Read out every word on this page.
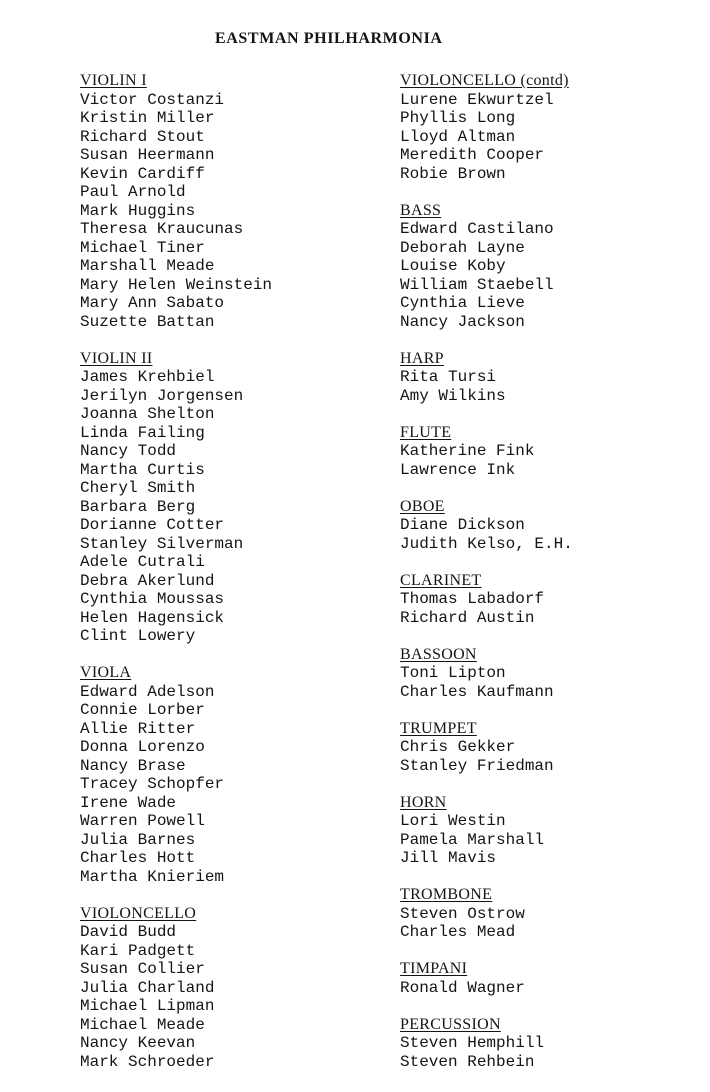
EASTMAN PHILHARMONIA
VIOLIN I
Victor Costanzi
Kristin Miller
Richard Stout
Susan Heermann
Kevin Cardiff
Paul Arnold
Mark Huggins
Theresa Kraucunas
Michael Tiner
Marshall Meade
Mary Helen Weinstein
Mary Ann Sabato
Suzette Battan
VIOLIN II
James Krehbiel
Jerilyn Jorgensen
Joanna Shelton
Linda Failing
Nancy Todd
Martha Curtis
Cheryl Smith
Barbara Berg
Dorianne Cotter
Stanley Silverman
Adele Cutrali
Debra Akerlund
Cynthia Moussas
Helen Hagensick
Clint Lowery
VIOLA
Edward Adelson
Connie Lorber
Allie Ritter
Donna Lorenzo
Nancy Brase
Tracey Schopfer
Irene Wade
Warren Powell
Julia Barnes
Charles Hott
Martha Knieriem
VIOLONCELLO
David Budd
Kari Padgett
Susan Collier
Julia Charland
Michael Lipman
Michael Meade
Nancy Keevan
Mark Schroeder
VIOLONCELLO (contd)
Lurene Ekwurtzel
Phyllis Long
Lloyd Altman
Meredith Cooper
Robie Brown
BASS
Edward Castilano
Deborah Layne
Louise Koby
William Staebell
Cynthia Lieve
Nancy Jackson
HARP
Rita Tursi
Amy Wilkins
FLUTE
Katherine Fink
Lawrence Ink
OBOE
Diane Dickson
Judith Kelso, E.H.
CLARINET
Thomas Labadorf
Richard Austin
BASSOON
Toni Lipton
Charles Kaufmann
TRUMPET
Chris Gekker
Stanley Friedman
HORN
Lori Westin
Pamela Marshall
Jill Mavis
TROMBONE
Steven Ostrow
Charles Mead
TIMPANI
Ronald Wagner
PERCUSSION
Steven Hemphill
Steven Rehbein
